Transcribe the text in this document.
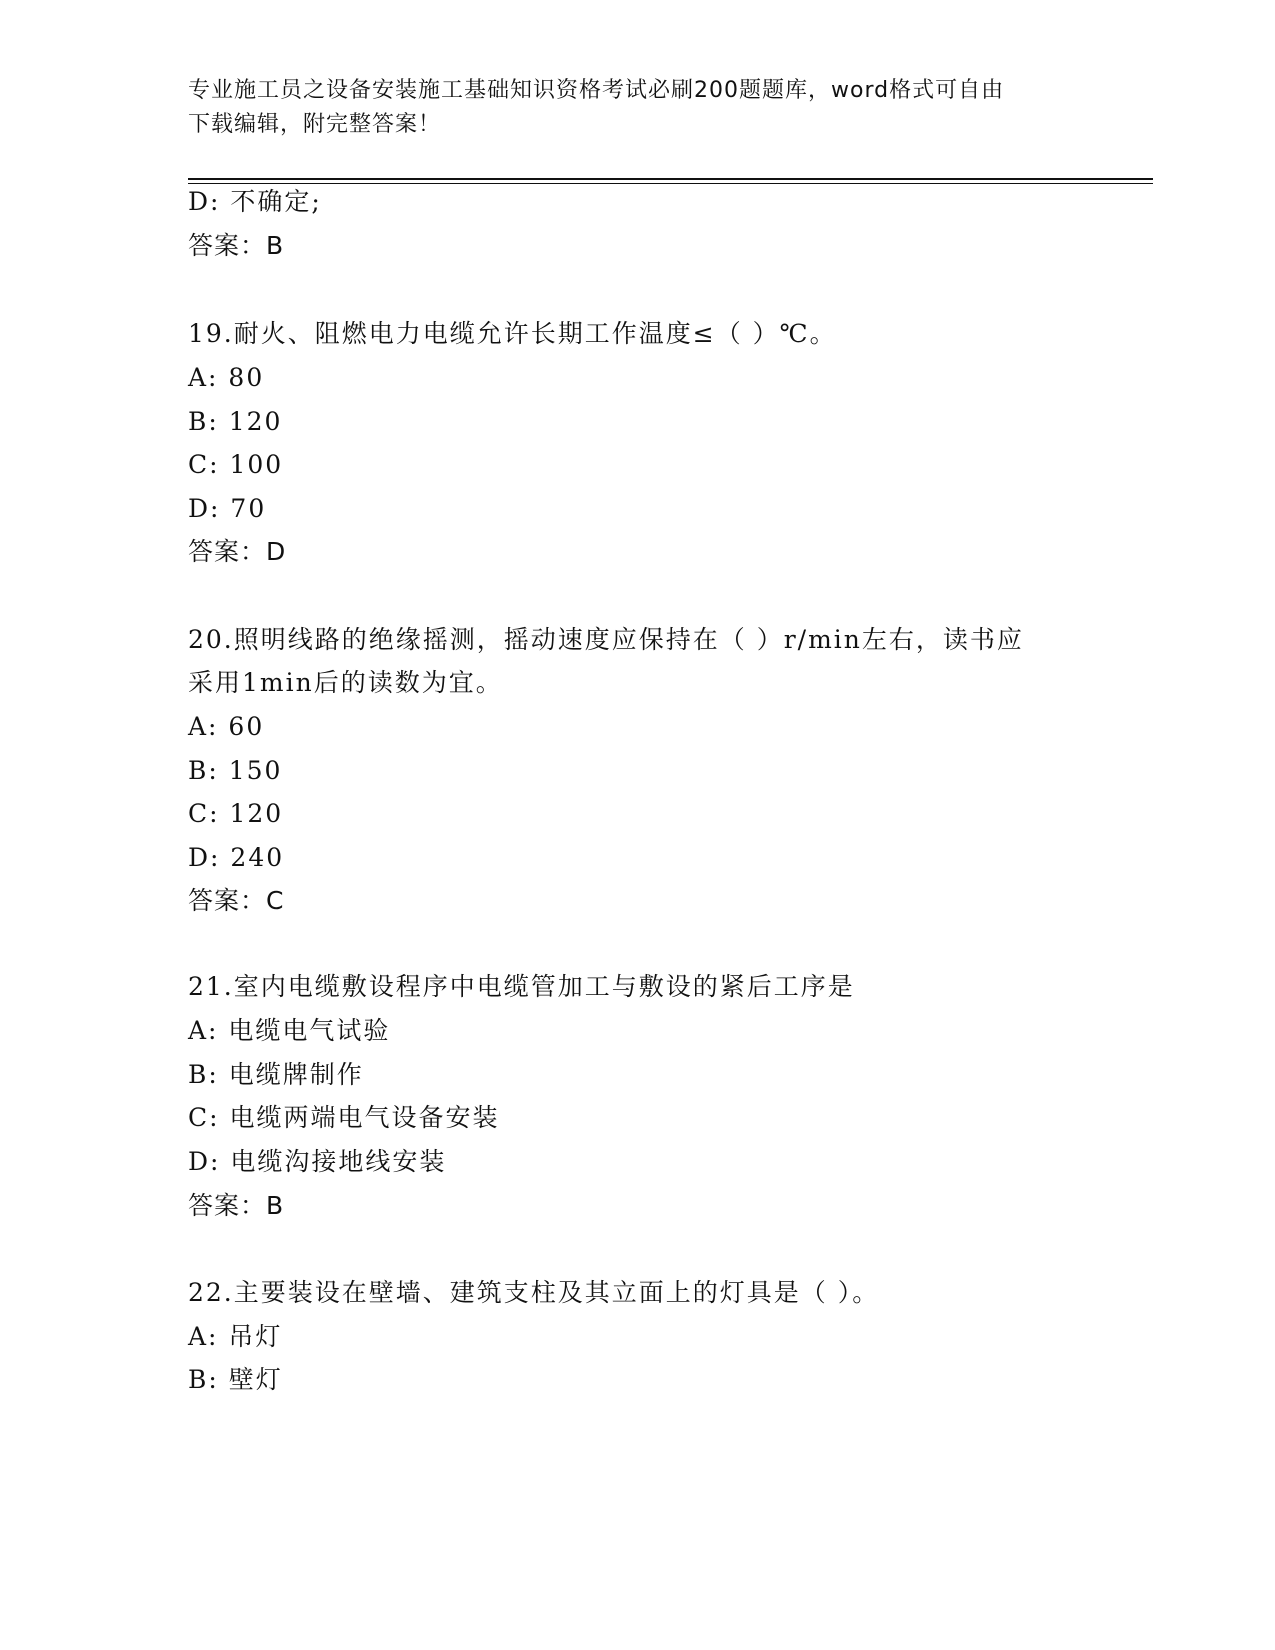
专业施工员之设备安装施工基础知识资格考试必刷200题题库，word格式可自由
下载编辑，附完整答案！
D: 不确定;
答案：B
19.耐火、阻燃电力电缆允许长期工作温度≤（ ）℃。
A: 80
B: 120
C: 100
D: 70
答案：D
20.照明线路的绝缘摇测，摇动速度应保持在（ ）r/min左右，读书应
采用1min后的读数为宜。
A: 60
B: 150
C: 120
D: 240
答案：C
21.室内电缆敷设程序中电缆管加工与敷设的紧后工序是
A: 电缆电气试验
B: 电缆牌制作
C: 电缆两端电气设备安装
D: 电缆沟接地线安装
答案：B
22.主要装设在壁墙、建筑支柱及其立面上的灯具是（ ）。
A: 吊灯
B: 壁灯
